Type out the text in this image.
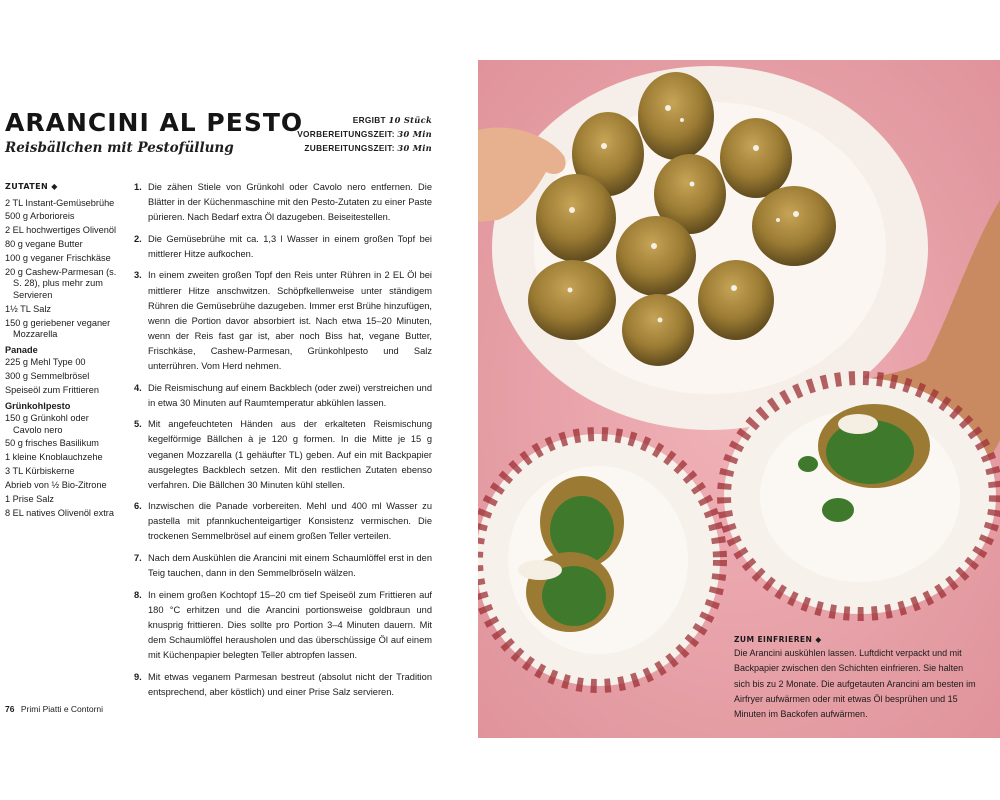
ARANCINI AL PESTO
Reisbällchen mit Pestofüllung
ERGIBT 10 Stück
VORBEREITUNGSZEIT: 30 Min
ZUBEREITUNGSZEIT: 30 Min
ZUTATEN ◆
2 TL Instant-Gemüsebrühe
500 g Arborioreis
2 EL hochwertiges Olivenöl
80 g vegane Butter
100 g veganer Frischkäse
20 g Cashew-Parmesan (s. S. 28), plus mehr zum Servieren
1½ TL Salz
150 g geriebener veganer Mozzarella
Panade
225 g Mehl Type 00
300 g Semmelbrösel
Speiseöl zum Frittieren
Grünkohlpesto
150 g Grünkohl oder Cavolo nero
50 g frisches Basilikum
1 kleine Knoblauchzehe
3 TL Kürbiskerne
Abrieb von ½ Bio-Zitrone
1 Prise Salz
8 EL natives Olivenöl extra
1. Die zähen Stiele von Grünkohl oder Cavolo nero entfernen. Die Blätter in der Küchenmaschine mit den Pesto-Zutaten zu einer Paste pürieren. Nach Bedarf extra Öl dazugeben. Beiseitestellen.
2. Die Gemüsebrühe mit ca. 1,3 l Wasser in einem großen Topf bei mittlerer Hitze aufkochen.
3. In einem zweiten großen Topf den Reis unter Rühren in 2 EL Öl bei mittlerer Hitze anschwitzen. Schöpfkellenweise unter ständigem Rühren die Gemüsebrühe dazugeben. Immer erst Brühe hinzufügen, wenn die Portion davor absorbiert ist. Nach etwa 15–20 Minuten, wenn der Reis fast gar ist, aber noch Biss hat, vegane Butter, Frischkäse, Cashew-Parmesan, Grünkohlpesto und Salz unterrühren. Vom Herd nehmen.
4. Die Reismischung auf einem Backblech (oder zwei) verstreichen und in etwa 30 Minuten auf Raumtemperatur abkühlen lassen.
5. Mit angefeuchteten Händen aus der erkalteten Reismischung kegelförmige Bällchen à je 120 g formen. In die Mitte je 15 g veganen Mozzarella (1 gehäufter TL) geben. Auf ein mit Backpapier ausgelegtes Backblech setzen. Mit den restlichen Zutaten ebenso verfahren. Die Bällchen 30 Minuten kühl stellen.
6. Inzwischen die Panade vorbereiten. Mehl und 400 ml Wasser zu pastella mit pfannkuchenteigartiger Konsistenz vermischen. Die trockenen Semmelbrösel auf einem großen Teller verteilen.
7. Nach dem Auskühlen die Arancini mit einem Schaumlöffel erst in den Teig tauchen, dann in den Semmelbröseln wälzen.
8. In einem großen Kochtopf 15–20 cm tief Speiseöl zum Frittieren auf 180 °C erhitzen und die Arancini portionsweise goldbraun und knusprig frittieren. Dies sollte pro Portion 3–4 Minuten dauern. Mit dem Schaumlöffel herausholen und das überschüssige Öl auf einem mit Küchenpapier belegten Teller abtropfen lassen.
9. Mit etwas veganem Parmesan bestreut (absolut nicht der Tradition entsprechend, aber köstlich) und einer Prise Salz servieren.
76 Primi Piatti e Contorni
ZUM EINFRIEREN ◆
Die Arancini auskühlen lassen. Luftdicht verpackt und mit Backpapier zwischen den Schichten einfrieren. Sie halten sich bis zu 2 Monate. Die aufgetauten Arancini am besten im Airfryer aufwärmen oder mit etwas Öl besprühen und 15 Minuten im Backofen aufwärmen.
